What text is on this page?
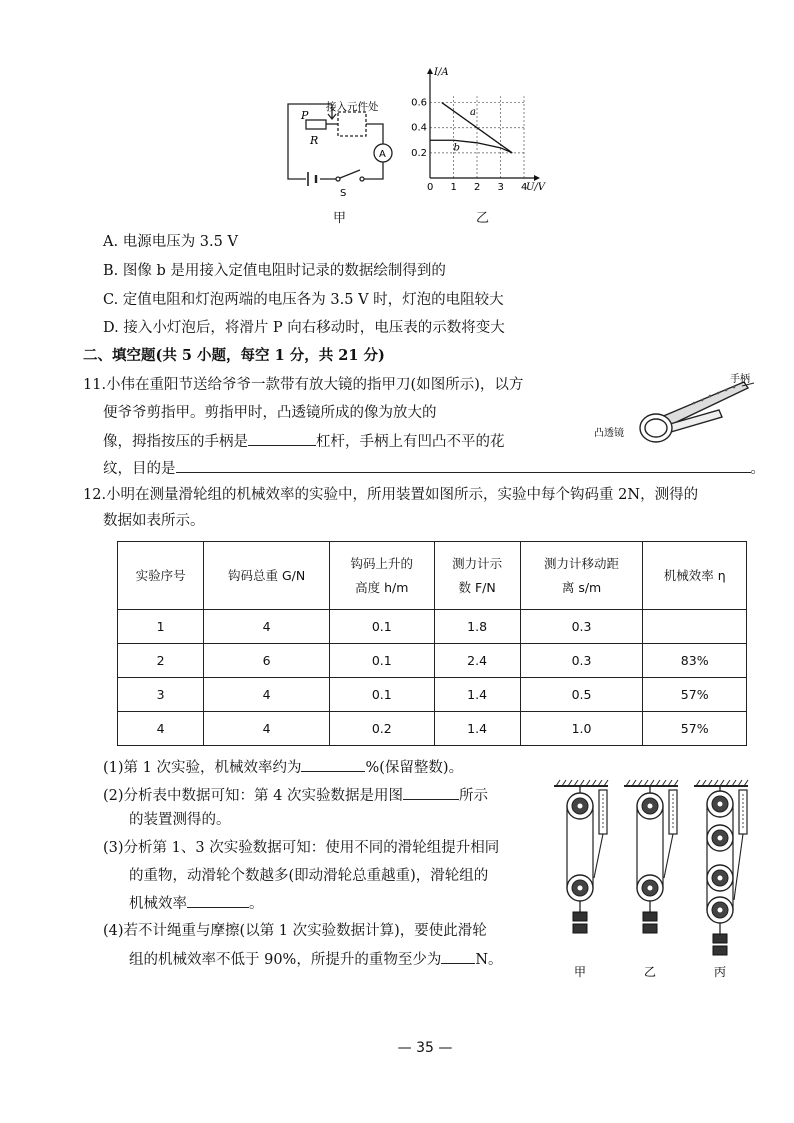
P
R
A
S
接入元件处
甲
0 1 2 3 4
0.2
0.4
0.6
I/A
U/V
a
b
乙
A. 电源电压为 3.5 V
B. 图像 b 是用接入定值电阻时记录的数据绘制得到的
C. 定值电阻和灯泡两端的电压各为 3.5 V 时，灯泡的电阻较大
D. 接入小灯泡后，将滑片 P 向右移动时，电压表的示数将变大
二、填空题(共 5 小题，每空 1 分，共 21 分)
11.小伟在重阳节送给爷爷一款带有放大镜的指甲刀(如图所示)，以方
便爷爷剪指甲。剪指甲时，凸透镜所成的像为放大的
像，拇指按压的手柄是	杠杆，手柄上有凹凸不平的花
纹，目的是	。
凸透镜
手柄
12.小明在测量滑轮组的机械效率的实验中，所用装置如图所示，实验中每个钩码重 2N，测得的
数据如表所示。
实验序号	钩码总重 G/N	钩码上升的
高度 h/m	测力计示
数 F/N	测力计移动距
离 s/m	机械效率 η
1	4	0.1	1.8	0.3	
2	6	0.1	2.4	0.3	83%
3	4	0.1	1.4	0.5	57%
4	4	0.2	1.4	1.0	57%
(1)第 1 次实验，机械效率约为	%(保留整数)。
(2)分析表中数据可知：第 4 次实验数据是用图	所示
的装置测得的。
(3)分析第 1、3 次实验数据可知：使用不同的滑轮组提升相同
的重物，动滑轮个数越多(即动滑轮总重越重)，滑轮组的
机械效率	。
(4)若不计绳重与摩擦(以第 1 次实验数据计算)，要使此滑轮
组的机械效率不低于 90%，所提升的重物至少为 N。
甲	乙	丙
— 35 —
